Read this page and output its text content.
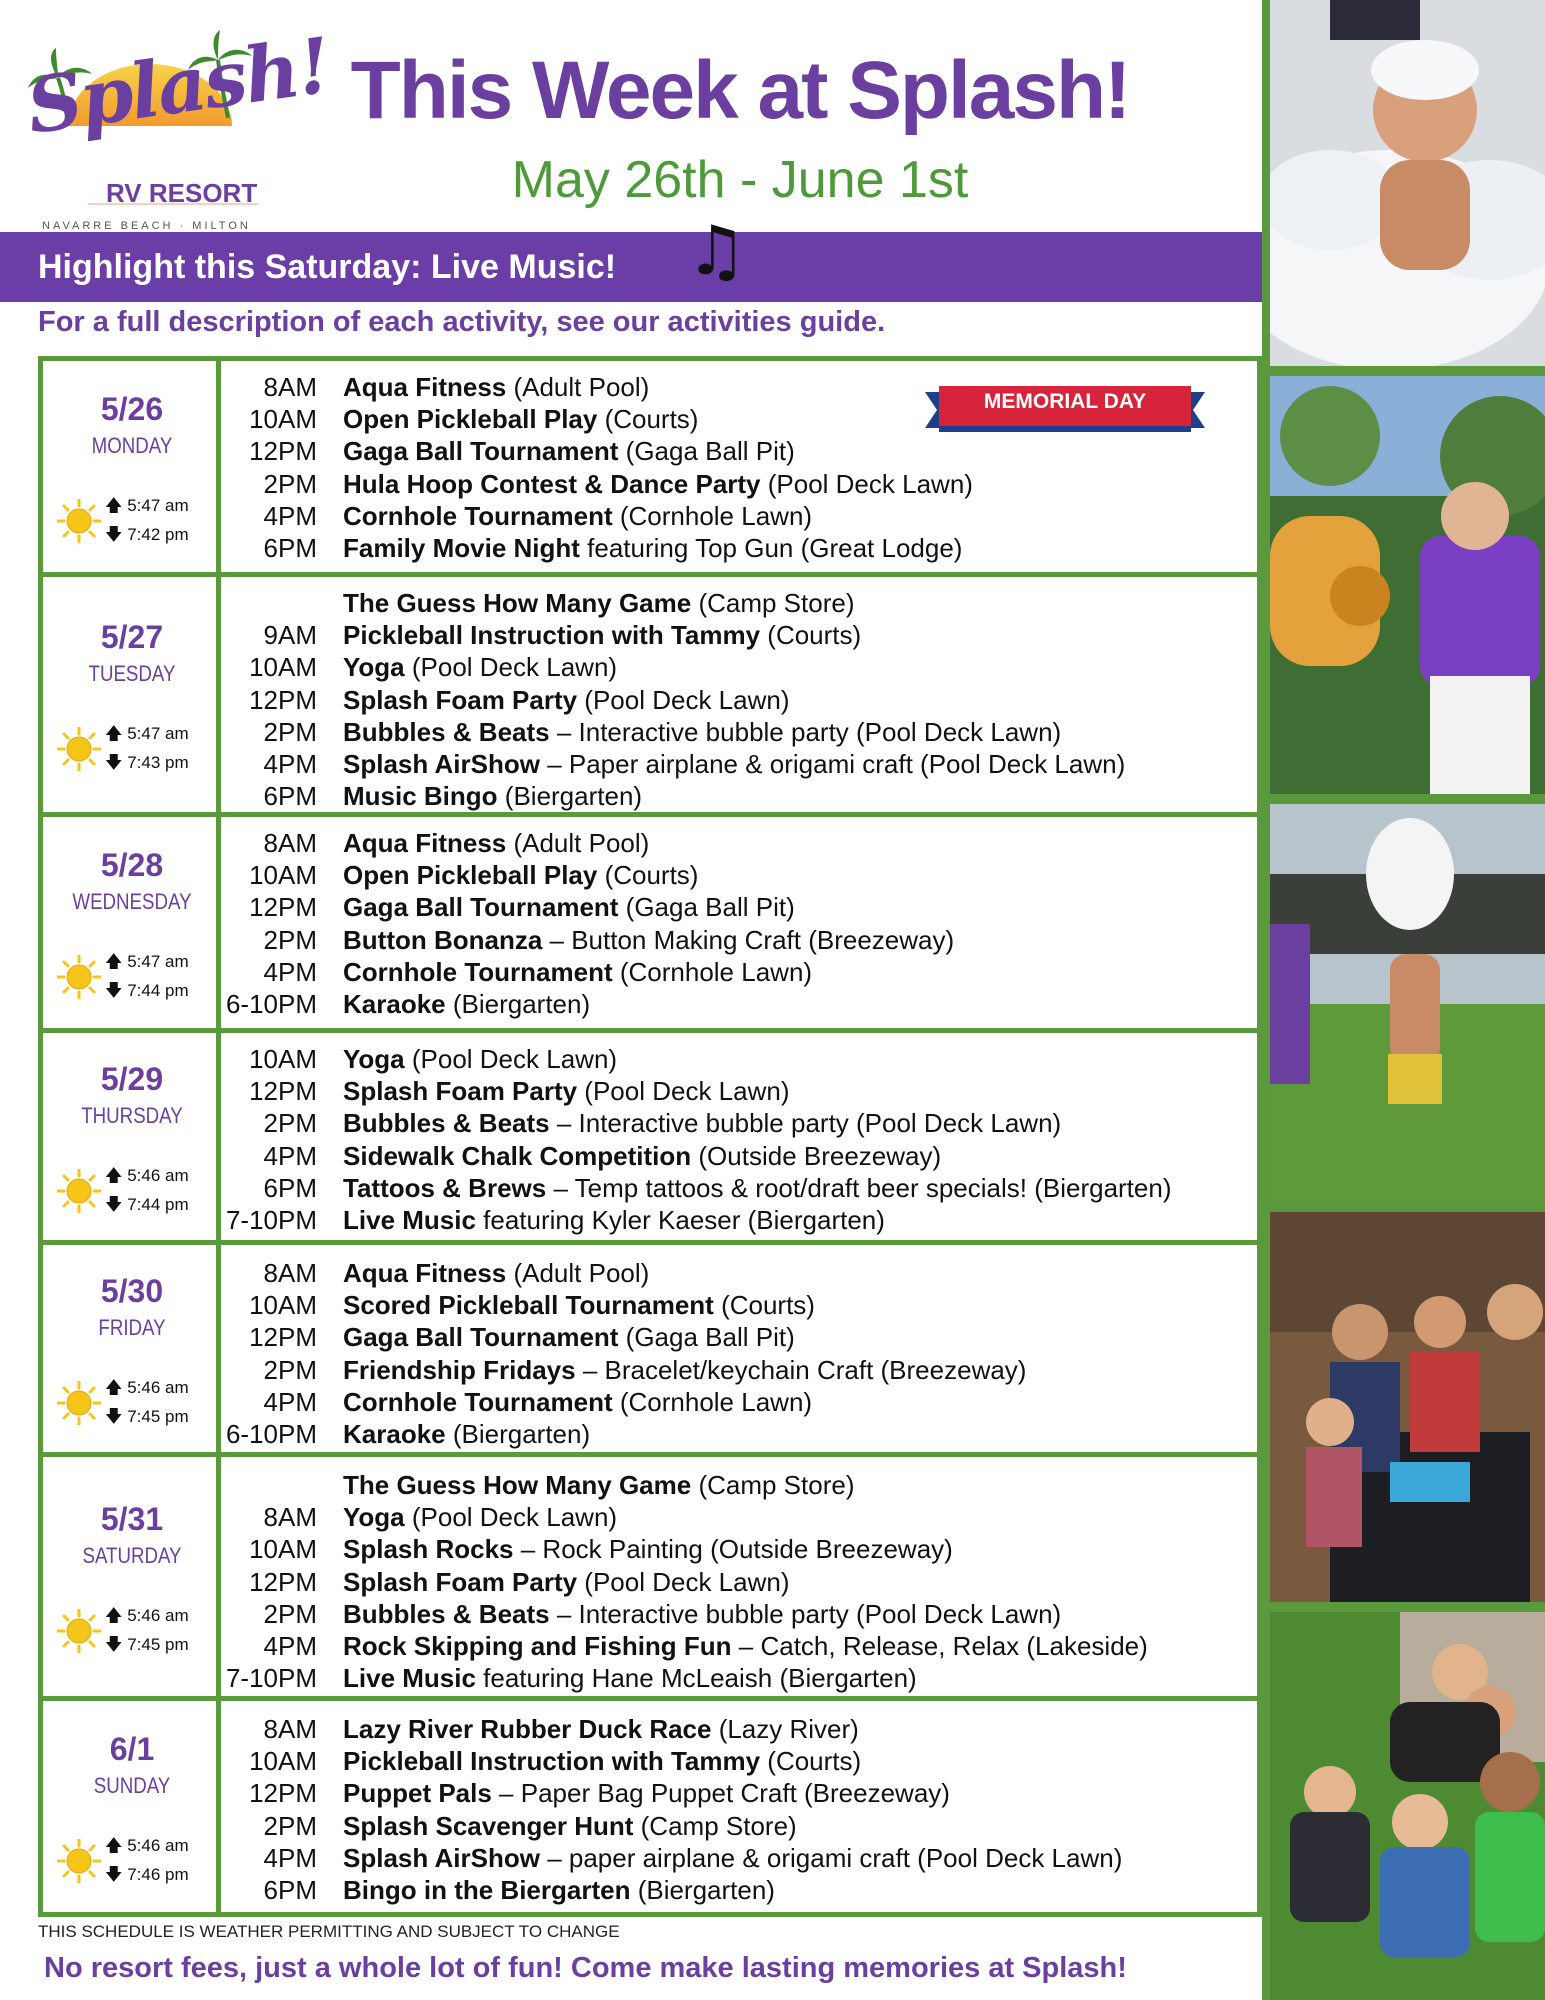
Splash!
RV RESORT
NAVARRE BEACH · MILTON
This Week at Splash!
May 26th - June 1st
Highlight this Saturday: Live Music! ♫
For a full description of each activity, see our activities guide.
MEMORIAL DAY
5/26
MONDAY
🡅 5:47 am
🡇 7:42 pm
8AM Aqua Fitness (Adult Pool)
10AM Open Pickleball Play (Courts)
12PM Gaga Ball Tournament (Gaga Ball Pit)
2PM Hula Hoop Contest & Dance Party (Pool Deck Lawn)
4PM Cornhole Tournament (Cornhole Lawn)
6PM Family Movie Night featuring Top Gun (Great Lodge)
5/27
TUESDAY
🡅 5:47 am
🡇 7:43 pm
The Guess How Many Game (Camp Store)
9AM Pickleball Instruction with Tammy (Courts)
10AM Yoga (Pool Deck Lawn)
12PM Splash Foam Party (Pool Deck Lawn)
2PM Bubbles & Beats – Interactive bubble party (Pool Deck Lawn)
4PM Splash AirShow – Paper airplane & origami craft (Pool Deck Lawn)
6PM Music Bingo (Biergarten)
5/28
WEDNESDAY
🡅 5:47 am
🡇 7:44 pm
8AM Aqua Fitness (Adult Pool)
10AM Open Pickleball Play (Courts)
12PM Gaga Ball Tournament (Gaga Ball Pit)
2PM Button Bonanza – Button Making Craft (Breezeway)
4PM Cornhole Tournament (Cornhole Lawn)
6-10PM Karaoke (Biergarten)
5/29
THURSDAY
🡅 5:46 am
🡇 7:44 pm
10AM Yoga (Pool Deck Lawn)
12PM Splash Foam Party (Pool Deck Lawn)
2PM Bubbles & Beats – Interactive bubble party (Pool Deck Lawn)
4PM Sidewalk Chalk Competition (Outside Breezeway)
6PM Tattoos & Brews – Temp tattoos & root/draft beer specials! (Biergarten)
7-10PM Live Music featuring Kyler Kaeser (Biergarten)
5/30
FRIDAY
🡅 5:46 am
🡇 7:45 pm
8AM Aqua Fitness (Adult Pool)
10AM Scored Pickleball Tournament (Courts)
12PM Gaga Ball Tournament (Gaga Ball Pit)
2PM Friendship Fridays – Bracelet/keychain Craft (Breezeway)
4PM Cornhole Tournament (Cornhole Lawn)
6-10PM Karaoke (Biergarten)
5/31
SATURDAY
🡅 5:46 am
🡇 7:45 pm
The Guess How Many Game (Camp Store)
8AM Yoga (Pool Deck Lawn)
10AM Splash Rocks – Rock Painting (Outside Breezeway)
12PM Splash Foam Party (Pool Deck Lawn)
2PM Bubbles & Beats – Interactive bubble party (Pool Deck Lawn)
4PM Rock Skipping and Fishing Fun – Catch, Release, Relax (Lakeside)
7-10PM Live Music featuring Hane McLeaish (Biergarten)
6/1
SUNDAY
🡅 5:46 am
🡇 7:46 pm
8AM Lazy River Rubber Duck Race (Lazy River)
10AM Pickleball Instruction with Tammy (Courts)
12PM Puppet Pals – Paper Bag Puppet Craft (Breezeway)
2PM Splash Scavenger Hunt (Camp Store)
4PM Splash AirShow – paper airplane & origami craft (Pool Deck Lawn)
6PM Bingo in the Biergarten (Biergarten)
THIS SCHEDULE IS WEATHER PERMITTING AND SUBJECT TO CHANGE
No resort fees, just a whole lot of fun! Come make lasting memories at Splash!
